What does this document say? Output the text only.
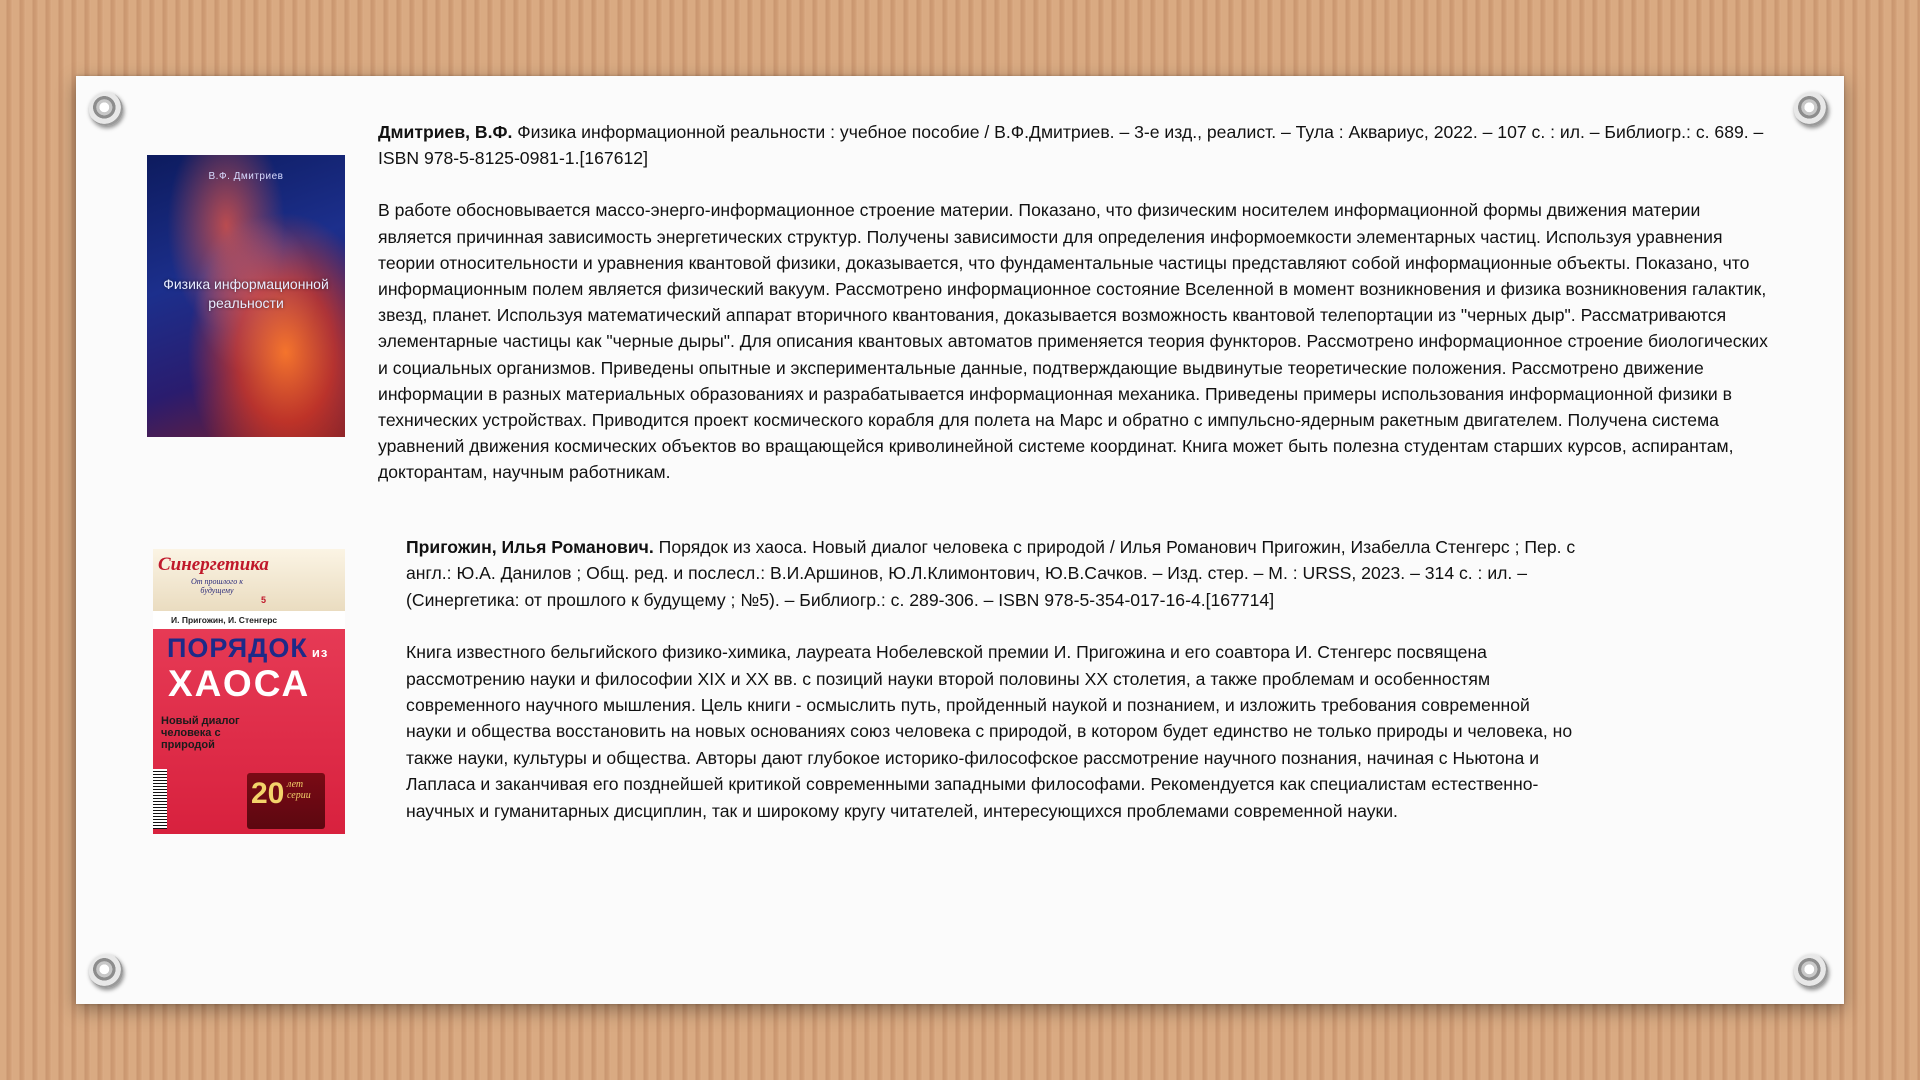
В.Ф. Дмитриев
Физика информационной реальности

Дмитриев, В.Ф. Физика информационной реальности : учебное пособие / В.Ф.Дмитриев. – 3-е изд., реалист. – Тула : Аквариус, 2022. – 107 с. : ил. – Библиогр.: с. 689. – ISBN 978-5-8125-0981-1.[167612]

В работе обосновывается массо-энерго-информационное строение материи. Показано, что физическим носителем информационной формы движения материи является причинная зависимость энергетических структур. Получены зависимости для определения информоемкости элементарных частиц. Используя уравнения теории относительности и уравнения квантовой физики, доказывается, что фундаментальные частицы представляют собой информационные объекты. Показано, что информационным полем является физический вакуум. Рассмотрено информационное состояние Вселенной в момент возникновения и физика возникновения галактик, звезд, планет. Используя математический аппарат вторичного квантования, доказывается возможность квантовой телепортации из "черных дыр". Рассматриваются элементарные частицы как "черные дыры". Для описания квантовых автоматов применяется теория функторов. Рассмотрено информационное строение биологических и социальных организмов. Приведены опытные и экспериментальные данные, подтверждающие выдвинутые теоретические положения. Рассмотрено движение информации в разных материальных образованиях и разрабатывается информационная механика. Приведены примеры использования информационной физики в технических устройствах. Приводится проект космического корабля для полета на Марс и обратно с импульсно-ядерным ракетным двигателем. Получена система уравнений движения космических объектов во вращающейся криволинейной системе координат. Книга может быть полезна студентам старших курсов, аспирантам, докторантам, научным работникам.

Синергетика
От прошлого к будущему
5
И. Пригожин, И. Стенгерс
ПОРЯДОК из
ХАОСА
Новый диалог человека с природой
20 лет серии

Пригожин, Илья Романович. Порядок из хаоса. Новый диалог человека с природой / Илья Романович Пригожин, Изабелла Стенгерс ; Пер. с англ.: Ю.А. Данилов ; Общ. ред. и послесл.: В.И.Аршинов, Ю.Л.Климонтович, Ю.В.Сачков. – Изд. стер. – М. : URSS, 2023. – 314 с. : ил. – (Синергетика: от прошлого к будущему ; №5). – Библиогр.: с. 289-306. – ISBN 978-5-354-017-16-4.[167714]

Книга известного бельгийского физико-химика, лауреата Нобелевской премии И. Пригожина и его соавтора И. Стенгерс посвящена рассмотрению науки и философии XIX и XX вв. с позиций науки второй половины XX столетия, а также проблемам и особенностям современного научного мышления. Цель книги - осмыслить путь, пройденный наукой и познанием, и изложить требования современной науки и общества восстановить на новых основаниях союз человека с природой, в котором будет единство не только природы и человека, но также науки, культуры и общества. Авторы дают глубокое историко-философское рассмотрение научного познания, начиная с Ньютона и Лапласа и заканчивая его позднейшей критикой современными западными философами. Рекомендуется как специалистам естественно-научных и гуманитарных дисциплин, так и широкому кругу читателей, интересующихся проблемами современной науки.
